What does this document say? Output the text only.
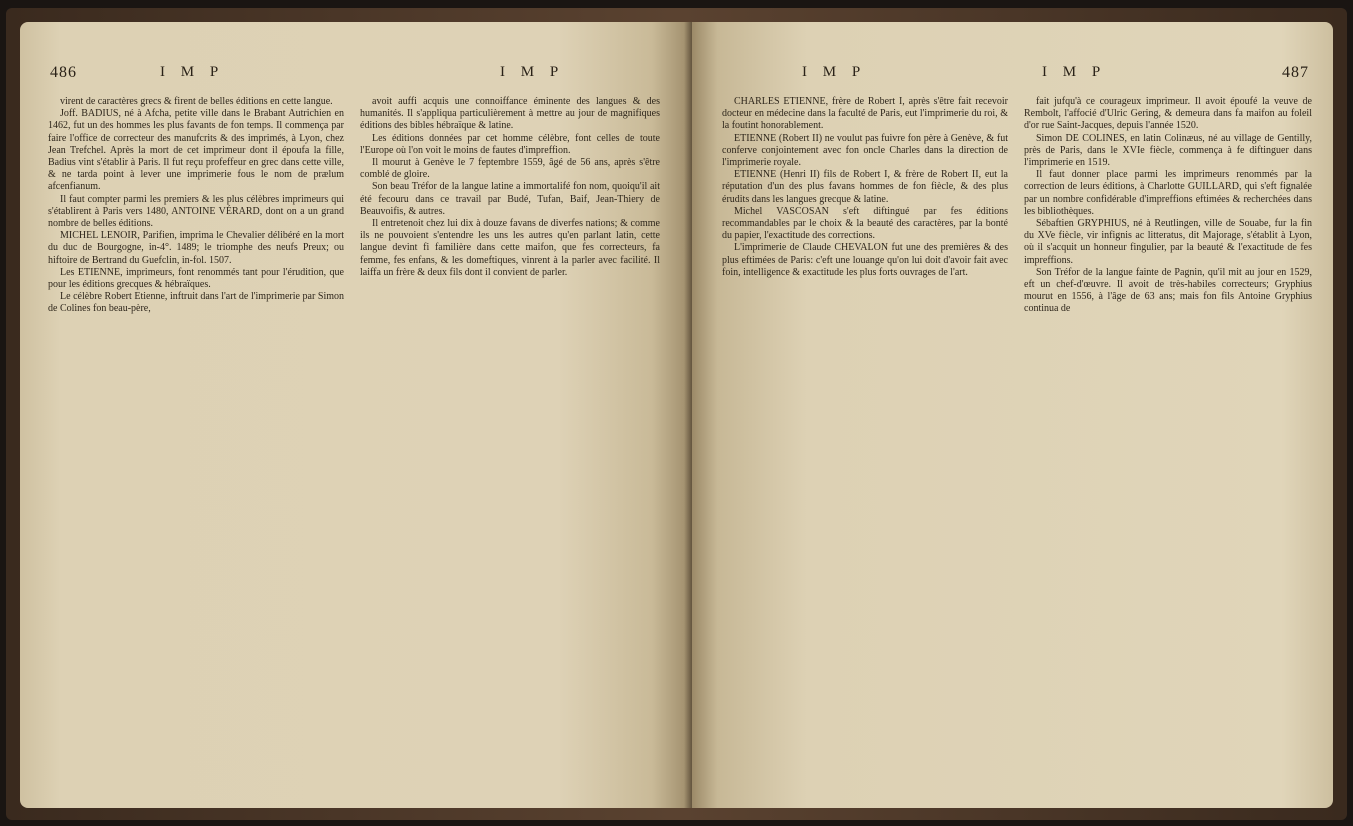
486	I M P	I M P

virent de caractères grecs & firent de belles éditions en cette langue.

Joff. BADIUS, né à Afcha, petite ville dans le Brabant Autrichien en 1462, fut un des hommes les plus favants de fon temps. Il commença par faire l'office de correcteur des manufcrits & des imprimés, à Lyon, chez Jean Trefchel. Après la mort de cet imprimeur dont il époufa la fille, Badius vint s'établir à Paris. Il fut reçu profeffeur en grec dans cette ville, & ne tarda point à lever une imprimerie fous le nom de prælum afcenfianum.

Il faut compter parmi les premiers & les plus célèbres imprimeurs qui s'établirent à Paris vers 1480, ANTOINE VÉRARD, dont on a un grand nombre de belles éditions.

MICHEL LENOIR, Parifien, imprima le Chevalier délibéré en la mort du duc de Bourgogne, in-4°. 1489; le triomphe des neufs Preux; ou hiftoire de Bertrand du Guefclin, in-fol. 1507.

Les ETIENNE, imprimeurs, font renommés tant pour l'érudition, que pour les éditions grecques & hébraïques.

Le célèbre Robert Etienne, inftruit dans l'art de l'imprimerie par Simon de Colines fon beau-père,

avoit auffi acquis une connoiffance éminente des langues & des humanités. Il s'appliqua particulièrement à mettre au jour de magnifiques éditions des bibles hébraïque & latine.

Les éditions données par cet homme célèbre, font celles de toute l'Europe où l'on voit le moins de fautes d'impreffion.

Il mourut à Genève le 7 feptembre 1559, âgé de 56 ans, après s'être comblé de gloire.

Son beau Tréfor de la langue latine a immortalifé fon nom, quoiqu'il ait été fecouru dans ce travail par Budé, Tufan, Baif, Jean-Thiery de Beauvoifis, & autres.

Il entretenoit chez lui dix à douze favans de diverfes nations; & comme ils ne pouvoient s'entendre les uns les autres qu'en parlant latin, cette langue devint fi familière dans cette maifon, que fes correcteurs, fa femme, fes enfans, & les domeftiques, vinrent à la parler avec facilité. Il laiffa un frère & deux fils dont il convient de parler.

I M P	I M P	487

CHARLES ETIENNE, frère de Robert I, après s'être fait recevoir docteur en médecine dans la faculté de Paris, eut l'imprimerie du roi, & la foutint honorablement.

ETIENNE (Robert II) ne voulut pas fuivre fon père à Genève, & fut conferve conjointement avec fon oncle Charles dans la direction de l'imprimerie royale.

ETIENNE (Henri II) fils de Robert I, & frère de Robert II, eut la réputation d'un des plus favans hommes de fon fiècle, & des plus érudits dans les langues grecque & latine.

Michel VASCOSAN s'eft diftingué par fes éditions recommandables par le choix & la beauté des caractères, par la bonté du papier, l'exactitude des corrections.

L'imprimerie de Claude CHEVALON fut une des premières & des plus eftimées de Paris: c'eft une louange qu'on lui doit d'avoir fait avec foin, intelligence & exactitude les plus forts ouvrages de l'art.

fait jufqu'à ce courageux imprimeur. Il avoit époufé la veuve de Rembolt, l'affocié d'Ulric Gering, & demeura dans fa maifon au foleil d'or rue Saint-Jacques, depuis l'année 1520.

Simon DE COLINES, en latin Colinæus, né au village de Gentilly, près de Paris, dans le XVIe fiècle, commença à fe diftinguer dans l'imprimerie en 1519.

Il faut donner place parmi les imprimeurs renommés par la correction de leurs éditions, à Charlotte GUILLARD, qui s'eft fignalée par un nombre confidérable d'impreffions eftimées & recherchées dans les bibliothèques.

Sébaftien GRYPHIUS, né à Reutlingen, ville de Souabe, fur la fin du XVe fiècle, vir infignis ac litteratus, dit Majorage, s'établit à Lyon, où il s'acquit un honneur fingulier, par la beauté & l'exactitude de fes impreffions.

Son Tréfor de la langue fainte de Pagnin, qu'il mit au jour en 1529, eft un chef-d'œuvre. Il avoit de très-habiles correcteurs; Gryphius mourut en 1556, à l'âge de 63 ans; mais fon fils Antoine Gryphius continua de
